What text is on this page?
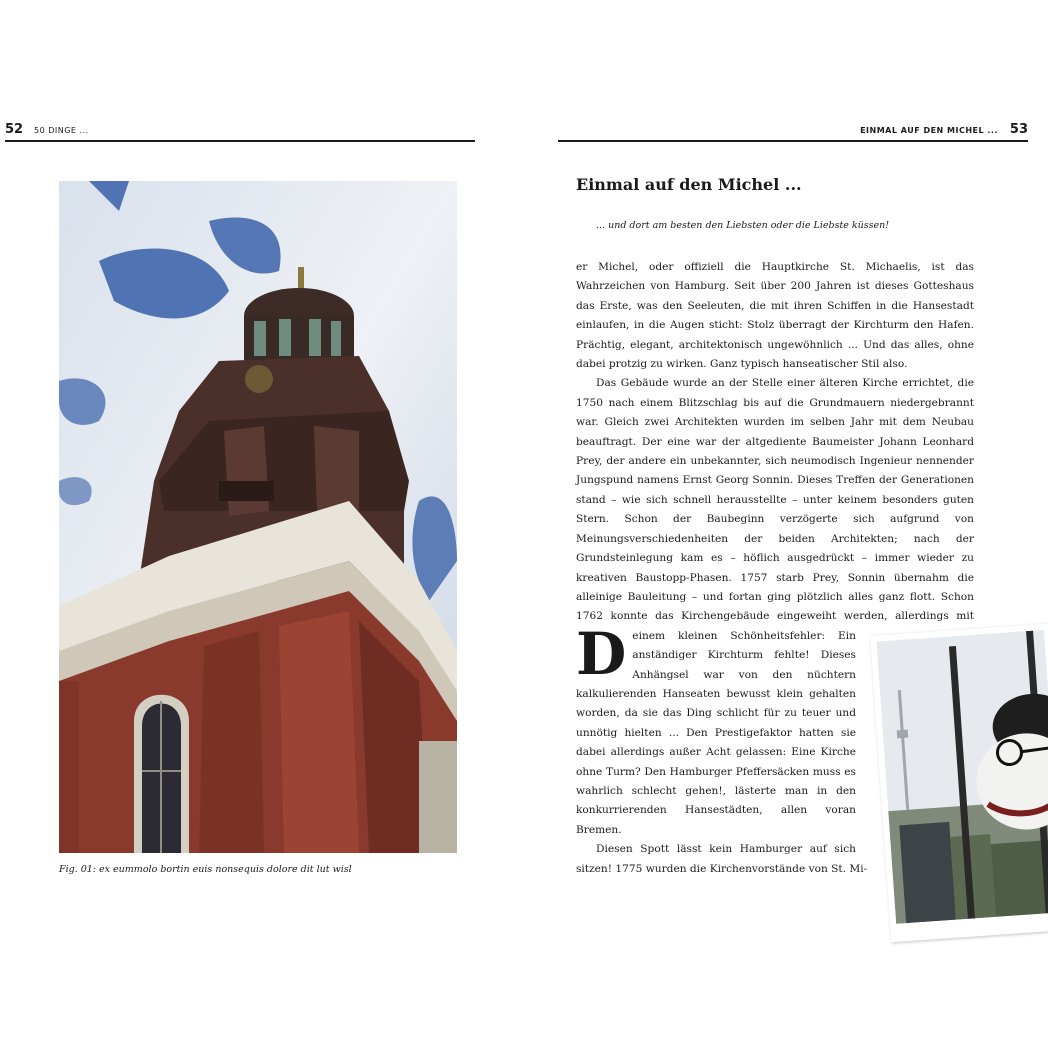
52 50 DINGE ...
Fig. 01: ex eummolo bortin euis nonsequis dolore dit lut wisl
EINMAL AUF DEN MICHEL ... 53
Einmal auf den Michel ...
... und dort am besten den Liebsten oder die Liebste küssen!

D
er Michel, oder offiziell die Hauptkirche St. Michaelis, ist das Wahrzeichen von Hamburg. Seit über 200 Jahren ist dieses Gotteshaus das Erste, was den Seeleuten, die mit ihren Schiffen in die Hansestadt einlaufen, in die Augen sticht: Stolz überragt der Kirchturm den Hafen. Prächtig, elegant, architektonisch ungewöhnlich ... Und das alles, ohne dabei protzig zu wirken. Ganz typisch hanseatischer Stil also.

Das Gebäude wurde an der Stelle einer älteren Kirche errichtet, die 1750 nach einem Blitzschlag bis auf die Grundmauern niedergebrannt war. Gleich zwei Architekten wurden im selben Jahr mit dem Neubau beauftragt. Der eine war der altgediente Baumeister Johann Leonhard Prey, der andere ein unbekannter, sich neumodisch Ingenieur nennender Jungspund namens Ernst Georg Sonnin. Dieses Treffen der Generationen stand – wie sich schnell herausstellte – unter keinem besonders guten Stern. Schon der Baubeginn verzögerte sich aufgrund von Meinungsverschiedenheiten der beiden Architekten; nach der Grundsteinlegung kam es – höflich ausgedrückt – immer wieder zu kreativen Baustopp-Phasen. 1757 starb Prey, Sonnin übernahm die alleinige Bauleitung – und fortan ging plötzlich alles ganz flott. Schon 1762 konnte das Kirchengebäude eingeweiht werden, allerdings mit einem kleinen Schönheitsfehler: Ein anständiger Kirchturm fehlte! Dieses Anhängsel war von den nüchtern kalkulierenden Hanseaten bewusst klein gehalten worden, da sie das Ding schlicht für zu teuer und unnötig hielten ... Den Prestigefaktor hatten sie dabei allerdings außer Acht gelassen: Eine Kirche ohne Turm? Den Hamburger Pfeffersäcken muss es wahrlich schlecht gehen!, lästerte man in den konkurrierenden Hansestädten, allen voran Bremen.

Diesen Spott lässt kein Hamburger auf sich sitzen! 1775 wurden die Kirchenvorstände von St. Mi-
